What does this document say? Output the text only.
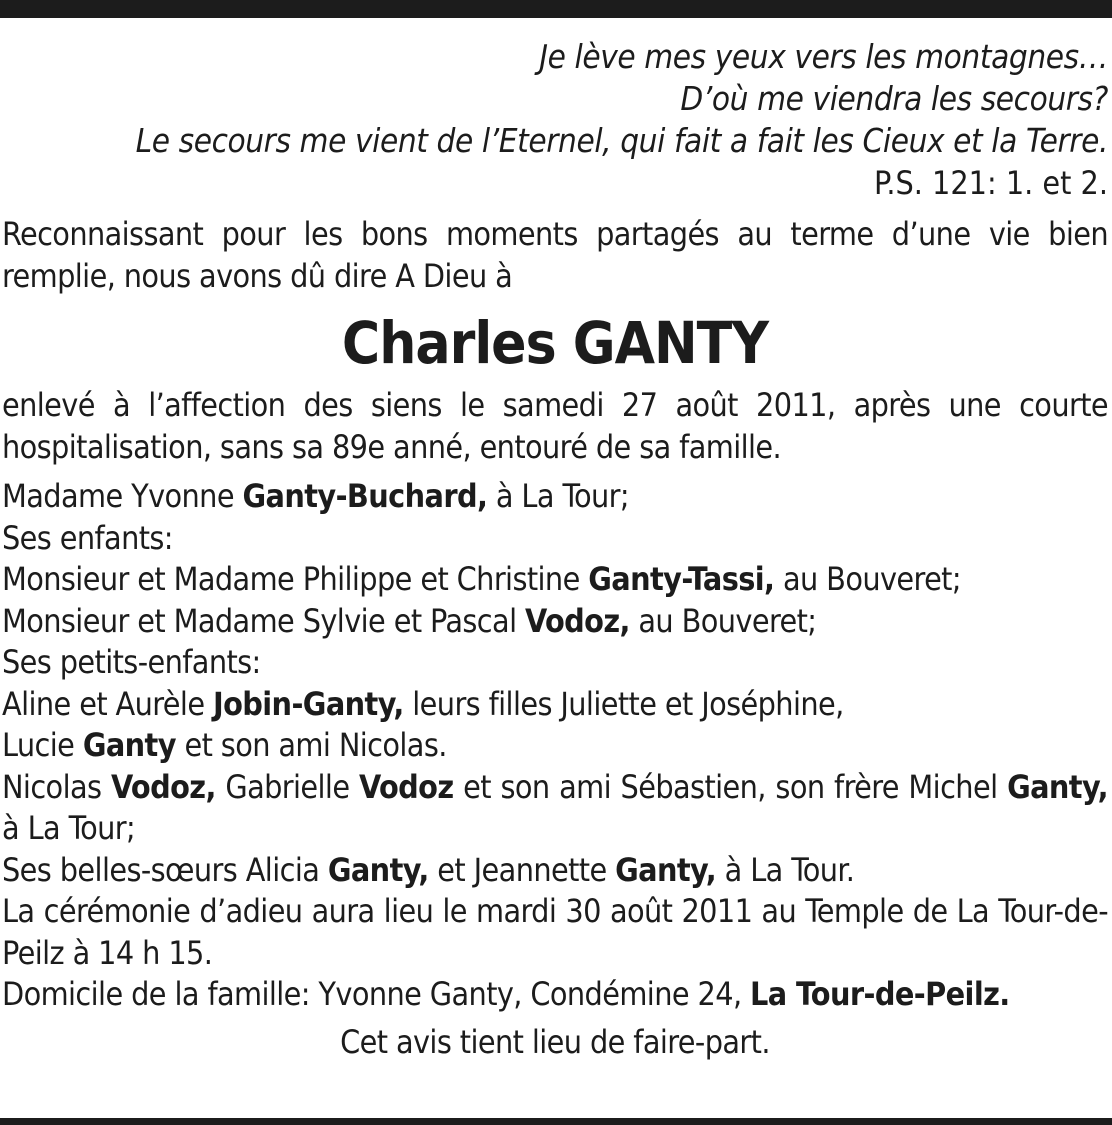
Je lève mes yeux vers les montagnes…
D’où me viendra les secours?
Le secours me vient de l’Eternel, qui fait a fait les Cieux et la Terre.
P.S. 121: 1. et 2.
Reconnaissant pour les bons moments partagés au terme d’une vie bien remplie, nous avons dû dire A Dieu à
Charles GANTY
enlevé à l’affection des siens le samedi 27 août 2011, après une courte hospitalisation, sans sa 89e anné, entouré de sa famille.
Madame Yvonne Ganty-Buchard, à La Tour;
Ses enfants:
Monsieur et Madame Philippe et Christine Ganty-Tassi, au Bouveret;
Monsieur et Madame Sylvie et Pascal Vodoz, au Bouveret;
Ses petits-enfants:
Aline et Aurèle Jobin-Ganty, leurs filles Juliette et Joséphine,
Lucie Ganty et son ami Nicolas.
Nicolas Vodoz, Gabrielle Vodoz et son ami Sébastien, son frère Michel Ganty, à La Tour;
Ses belles-sœurs Alicia Ganty, et Jeannette Ganty, à La Tour.
La cérémonie d’adieu aura lieu le mardi 30 août 2011 au Temple de La Tour-de-Peilz à 14 h 15.
Domicile de la famille: Yvonne Ganty, Condémine 24, La Tour-de-Peilz.
Cet avis tient lieu de faire-part.
